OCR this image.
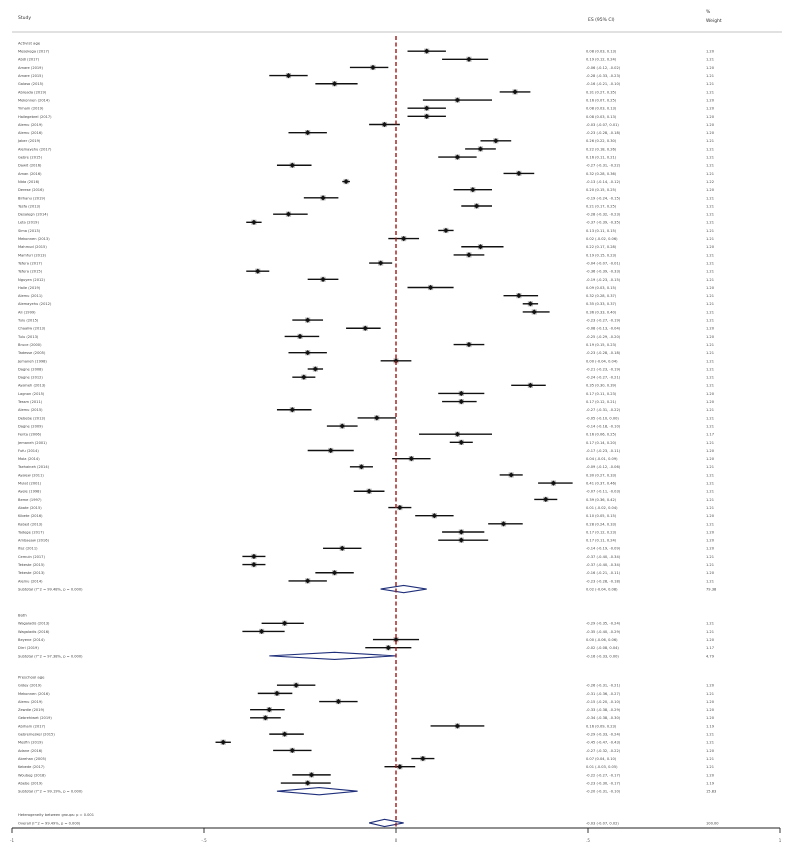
Study	ES (95% CI)
%
Weight
Activist age
Mesekega (2017)	0.08 (0.03, 0.13)	1.20
Abdi (2017)	0.19 (0.12, 0.24)	1.21
Amare (2019)	-0.06 (-0.12, -0.02)	1.20
Amare (2015)	-0.28 (-0.33, -0.23)	1.21
Galaso (2015)	-0.16 (-0.21, -0.10)	1.21
Abreada (2019)	0.31 (0.27, 0.35)	1.21
Mekonnen (2014)	0.16 (0.07, 0.25)	1.20
Yimam (2019)	0.08 (0.03, 0.13)	1.20
Hailegebrel (2017)	0.08 (0.03, 0.13)	1.20
Alemu (2019)	-0.03 (-0.07, 0.01)	1.20
Alemu (2016)	-0.23 (-0.28, -0.18)	1.20
Jaber (2019)	0.26 (0.22, 0.30)	1.21
Alemayehu (2017)	0.22 (0.18, 0.26)	1.21
Gebre (2015)	0.16 (0.11, 0.21)	1.21
Dawit (2016)	-0.27 (-0.31, -0.22)	1.21
Aman (2016)	0.32 (0.28, 0.36)	1.21
Nida (2016)	-0.13 (-0.14, -0.12)	1.22
Derese (2016)	0.20 (0.15, 0.25)	1.20
Birhanu (2019)	-0.19 (-0.24, -0.15)	1.21
Tesfa (2013)	0.21 (0.17, 0.25)	1.21
Desalegn (2014)	-0.28 (-0.32, -0.23)	1.21
Leta (2019)	-0.37 (-0.39, -0.35)	1.21
Sima (2013)	0.13 (0.11, 0.15)	1.21
Mekonnen (2013)	0.02 (-0.02, 0.06)	1.21
Mahmud (2015)	0.22 (0.17, 0.28)	1.20
Mamfuri (2013)	0.19 (0.15, 0.23)	1.21
Tefera (2017)	-0.04 (-0.07, -0.01)	1.21
Tefera (2015)	-0.36 (-0.39, -0.33)	1.21
Nguyen (2012)	-0.19 (-0.23, -0.15)	1.21
Haile (2019)	0.09 (0.03, 0.15)	1.20
Alemu (2011)	0.32 (0.28, 0.37)	1.21
Alemayehu (2012)	0.35 (0.33, 0.37)	1.21
Ali (1999)	0.36 (0.33, 0.40)	1.21
Tulu (2015)	-0.23 (-0.27, -0.19)	1.21
Chaaliw (2013)	-0.08 (-0.13, -0.04)	1.20
Tulu (2013)	-0.25 (-0.29, -0.20)	1.20
Bruce (2000)	0.19 (0.15, 0.23)	1.21
Tadesse (2005)	-0.23 (-0.28, -0.18)	1.21
Jemaneh (1998)	0.00 (-0.04, 0.04)	1.21
Dagne (2008)	-0.21 (-0.23, -0.19)	1.21
Dagne (2012)	-0.24 (-0.27, -0.21)	1.21
Ayalneh (2013)	0.35 (0.30, 0.39)	1.21
Lagnon (2015)	0.17 (0.11, 0.23)	1.20
Tessm (2011)	0.17 (0.12, 0.21)	1.20
Alemu (2015)	-0.27 (-0.31, -0.22)	1.21
Debebe (2013)	-0.05 (-0.10, 0.00)	1.21
Dagne (2009)	-0.14 (-0.18, -0.10)	1.21
Fenta (2006)	0.16 (0.06, 0.25)	1.17
Jemaneh (2001)	0.17 (0.14, 0.20)	1.21
Fufu (2014)	-0.17 (-0.23, -0.11)	1.20
Mola (2014)	0.04 (-0.01, 0.09)	1.20
Tsehaineh (2014)	-0.09 (-0.12, -0.06)	1.21
Ayalew (2011)	0.30 (0.27, 0.33)	1.21
Mulat (2001)	0.41 (0.37, 0.46)	1.21
Ayele (1998)	-0.07 (-0.11, -0.03)	1.21
Beme (1997)	0.39 (0.36, 0.42)	1.21
Abate (2015)	0.01 (-0.02, 0.04)	1.21
Kibete (2016)	0.10 (0.05, 0.15)	1.20
Kabed (2013)	0.28 (0.24, 0.33)	1.21
Tadege (2017)	0.17 (0.12, 0.23)	1.20
Ambaeaw (2016)	0.17 (0.11, 0.24)	1.20
Ifaz (2011)	-0.14 (-0.19, -0.09)	1.20
Cemuin (2017)	-0.37 (-0.40, -0.34)	1.21
Tekeste (2015)	-0.37 (-0.40, -0.34)	1.21
Tekeste (2013)	-0.16 (-0.21, -0.11)	1.20
Alemu (2014)	-0.23 (-0.28, -0.18)	1.21
Subtotal (I^2 = 99.48%, p = 0.000)	0.02 (-0.04, 0.08)	79.38
Both
Wagaladis (2013)	-0.29 (-0.35, -0.24)	1.21
Wagaladis (2016)	-0.35 (-0.40, -0.29)	1.21
Beyene (2014)	0.00 (-0.06, 0.06)	1.20
Dirri (2019)	-0.02 (-0.08, 0.04)	1.17
Subtotal (I^2 = 97.38%, p = 0.000)	-0.16 (-0.33, 0.00)	4.79
Preschool age
Gidey (2019)	-0.26 (-0.31, -0.21)	1.20
Mekonnen (2016)	-0.31 (-0.36, -0.27)	1.21
Alemu (2019)	-0.15 (-0.20, -0.10)	1.20
Zewdie (2019)	-0.33 (-0.38, -0.29)	1.20
Gebrehiwet (2019)	-0.34 (-0.38, -0.30)	1.20
Abrham (2017)	0.16 (0.09, 0.23)	1.19
Gebremeskel (2015)	-0.29 (-0.33, -0.24)	1.21
Mesfin (2019)	-0.45 (-0.47, -0.43)	1.21
Adane (2016)	-0.27 (-0.32, -0.22)	1.20
Abrehan (2005)	0.07 (0.04, 0.10)	1.21
Kebede (2017)	0.01 (-0.03, 0.05)	1.21
Woubeg (2018)	-0.22 (-0.27, -0.17)	1.20
Abebe (2019)	-0.23 (-0.30, -0.17)	1.19
Subtotal (I^2 = 99.19%, p = 0.000)	-0.20 (-0.31, -0.10)	15.83
Heterogeneity between groups: p = 0.001
Overall (I^2 = 99.49%, p = 0.000)	-0.03 (-0.07, 0.02)	100.00
-1	-.5	0	.5	1
